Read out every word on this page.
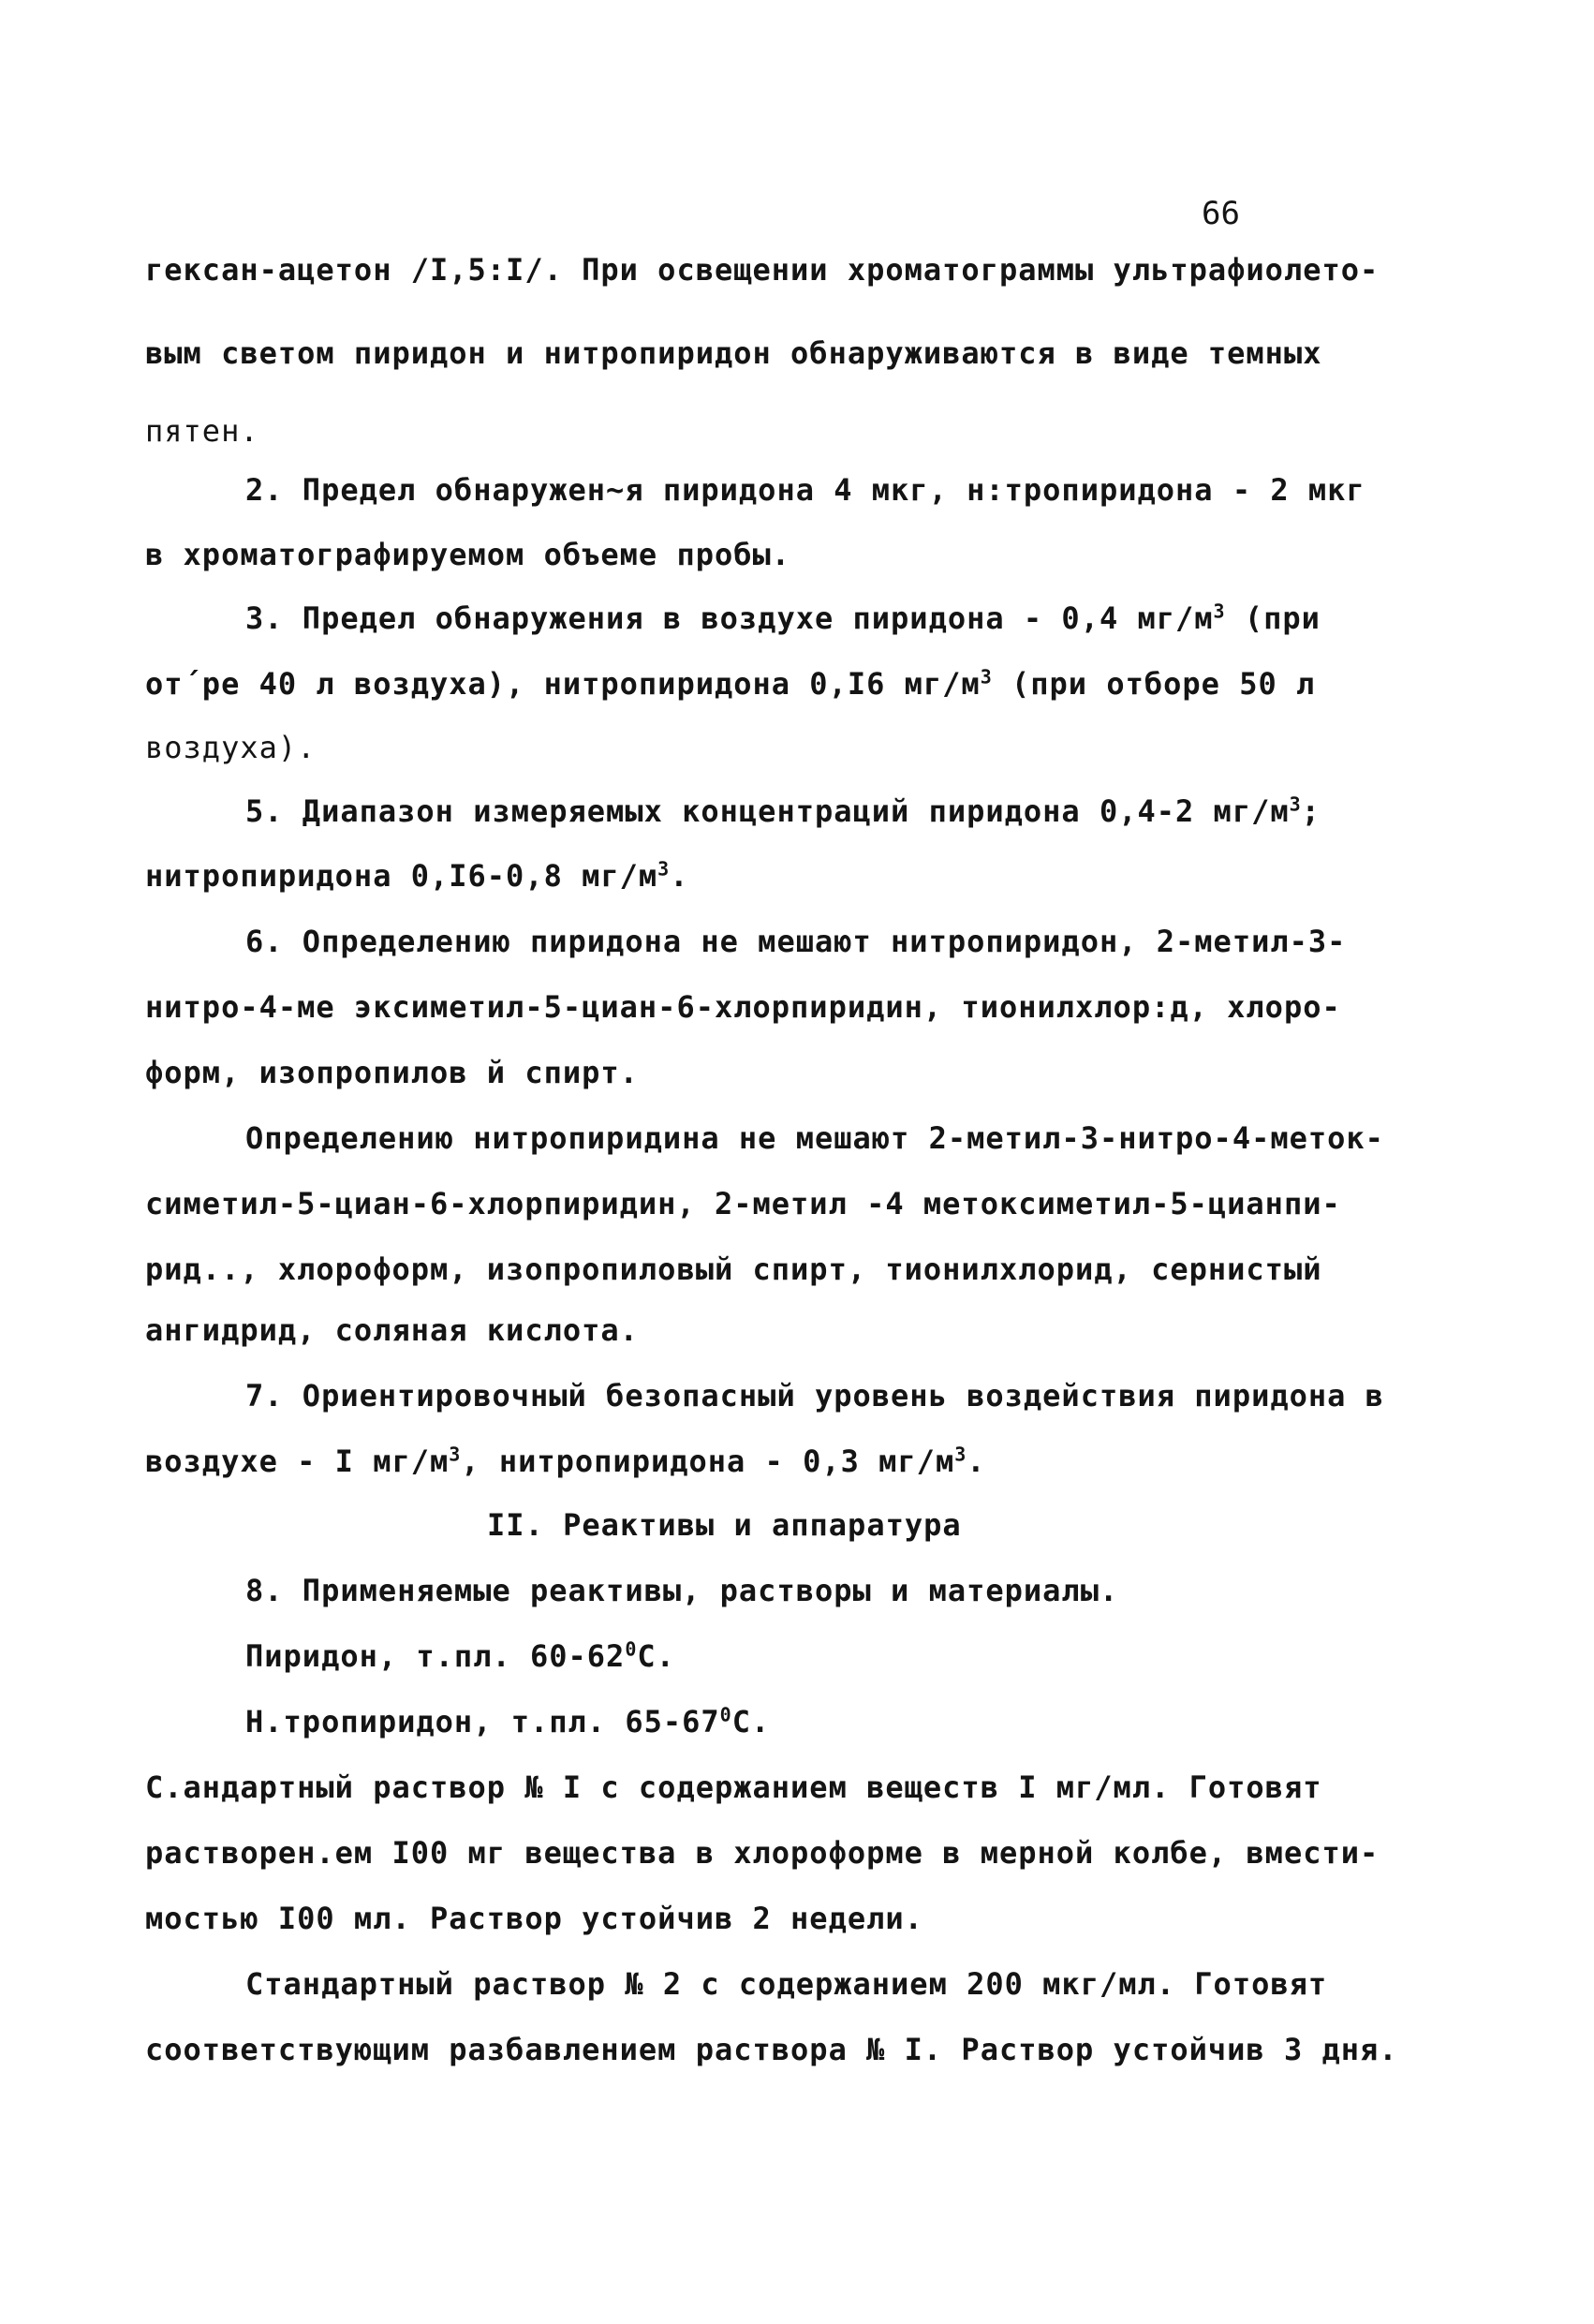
66
гексан-ацетон /I,5:I/. При освещении хроматограммы ультрафиолето-
вым светом пиридон и нитропиридон обнаруживаются в виде темных
пятен.
2. Предел обнаружен~я пиридона 4 мкг, н:тропиридона - 2 мкг
в хроматографируемом объеме пробы.
3. Предел обнаружения в воздухе пиридона - 0,4 $мг/м^3$ (при
от´ре 40 л воздуха), нитропиридона 0,I6 $мг/м^3$ (при отборе 50 л
воздуха).
5. Диапазон измеряемых концентраций пиридона 0,4-2 $мг/м^3$;
нитропиридона 0,I6-0,8 $мг/м^3$.
6. Определению пиридона не мешают нитропиридон, 2-метил-3-
нитро-4-ме эксиметил-5-циан-6-хлорпиридин, тионилхлор:д, хлоро-
форм, изопропилов й спирт.
Определению нитропиридина не мешают 2-метил-3-нитро-4-меток-
симетил-5-циан-6-хлорпиридин, 2-метил -4 метоксиметил-5-цианпи-
рид.., хлороформ, изопропиловый спирт, тионилхлорид, сернистый
ангидрид, соляная кислота.
7. Ориентировочный безопасный уровень воздействия пиридона в
воздухе - I $мг/м^3$, нитропиридона - 0,3 $мг/м^3$.
II. Реактивы и аппаратура
8. Применяемые реактивы, растворы и материалы.
Пиридон, т.пл. $60-62^0С$.
Н.тропиридон, т.пл. $65-67^0С$.
С.андартный раствор № I с содержанием веществ I мг/мл. Готовят
растворен.ем I00 мг вещества в хлороформе в мерной колбе, вмести-
мостью I00 мл. Раствор устойчив 2 недели.
Стандартный раствор № 2 с содержанием 200 мкг/мл. Готовят
соответствующим разбавлением раствора № I. Раствор устойчив 3 дня.
